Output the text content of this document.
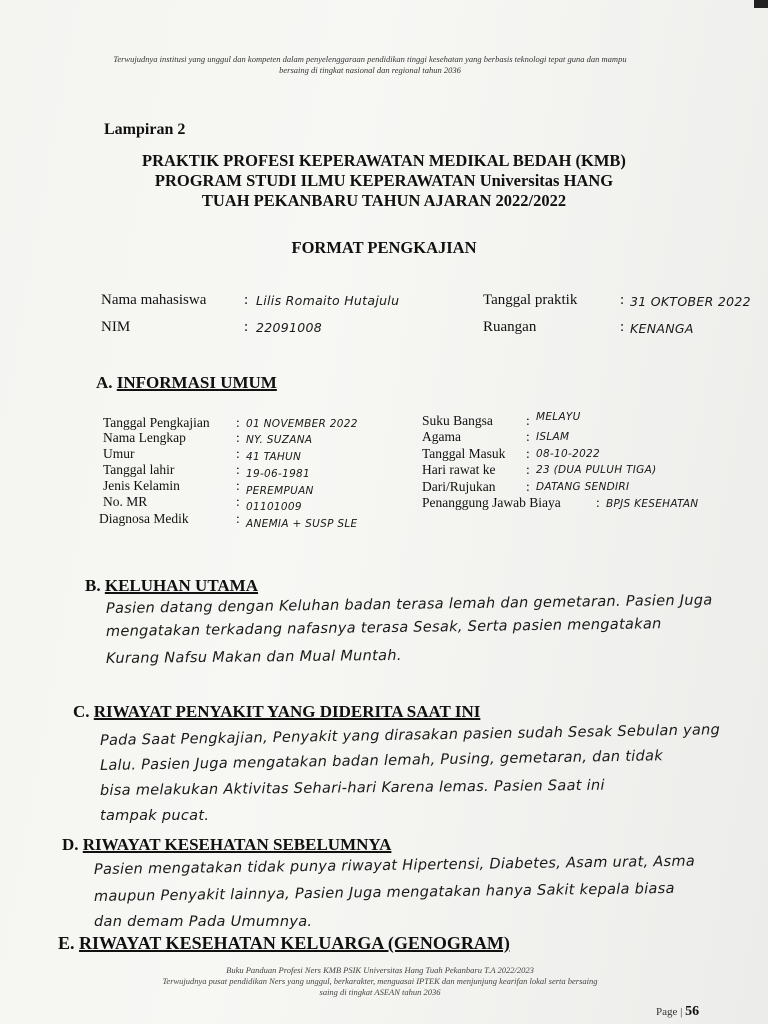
Terwujudnya institusi yang unggul dan kompeten dalam penyelenggaraan pendidikan tinggi kesehatan yang berbasis teknologi tepat guna dan mampu
bersaing di tingkat nasional dan regional tahun 2036
Lampiran 2
PRAKTIK PROFESI KEPERAWATAN MEDIKAL BEDAH (KMB)
PROGRAM STUDI ILMU KEPERAWATAN Universitas HANG
TUAH PEKANBARU TAHUN AJARAN 2022/2022
FORMAT PENGKAJIAN
Nama mahasiswa	: Lilis Romaito Hutajulu
NIM	: 22091008
Tanggal praktik	: 31 OKTOBER 2022
Ruangan	: KENANGA
A. INFORMASI UMUM
Tanggal Pengkajian : 01 NOVEMBER 2022
Nama Lengkap	: NY. SUZANA
Umur	: 41 TAHUN
Tanggal lahir	: 19-06-1981
Jenis Kelamin	: PEREMPUAN
No. MR	: 01101009
Diagnosa Medik	: ANEMIA + SUSP SLE
Suku Bangsa : MELAYU
Agama	: ISLAM
Tanggal Masuk : 08-10-2022
Hari rawat ke : 23 (DUA PULUH TIGA)
Dari/Rujukan : DATANG SENDIRI
Penanggung Jawab Biaya	: BPJS KESEHATAN
B. KELUHAN UTAMA
Pasien datang dengan Keluhan badan terasa lemah dan gemetaran. Pasien Juga
mengatakan terkadang nafasnya terasa Sesak, Serta pasien mengatakan
Kurang Nafsu Makan dan Mual Muntah.
C. RIWAYAT PENYAKIT YANG DIDERITA SAAT INI
Pada Saat Pengkajian, Penyakit yang dirasakan pasien sudah Sesak Sebulan yang
Lalu. Pasien Juga mengatakan badan lemah, Pusing, gemetaran, dan tidak
bisa melakukan Aktivitas Sehari-hari Karena lemas. Pasien Saat ini
tampak pucat.
D. RIWAYAT KESEHATAN SEBELUMNYA
Pasien mengatakan tidak punya riwayat Hipertensi, Diabetes, Asam urat, Asma
maupun Penyakit lainnya, Pasien Juga mengatakan hanya Sakit kepala biasa
dan demam Pada Umumnya.
E. RIWAYAT KESEHATAN KELUARGA (GENOGRAM)
Buku Panduan Profesi Ners KMB PSIK Universitas Hang Tuah Pekanbaru T.A 2022/2023
Terwujudnya pusat pendidikan Ners yang unggul, berkarakter, menguasai IPTEK dan menjunjung kearifan lokal serta bersaing
saing di tingkat ASEAN tahun 2036
Page | 56
